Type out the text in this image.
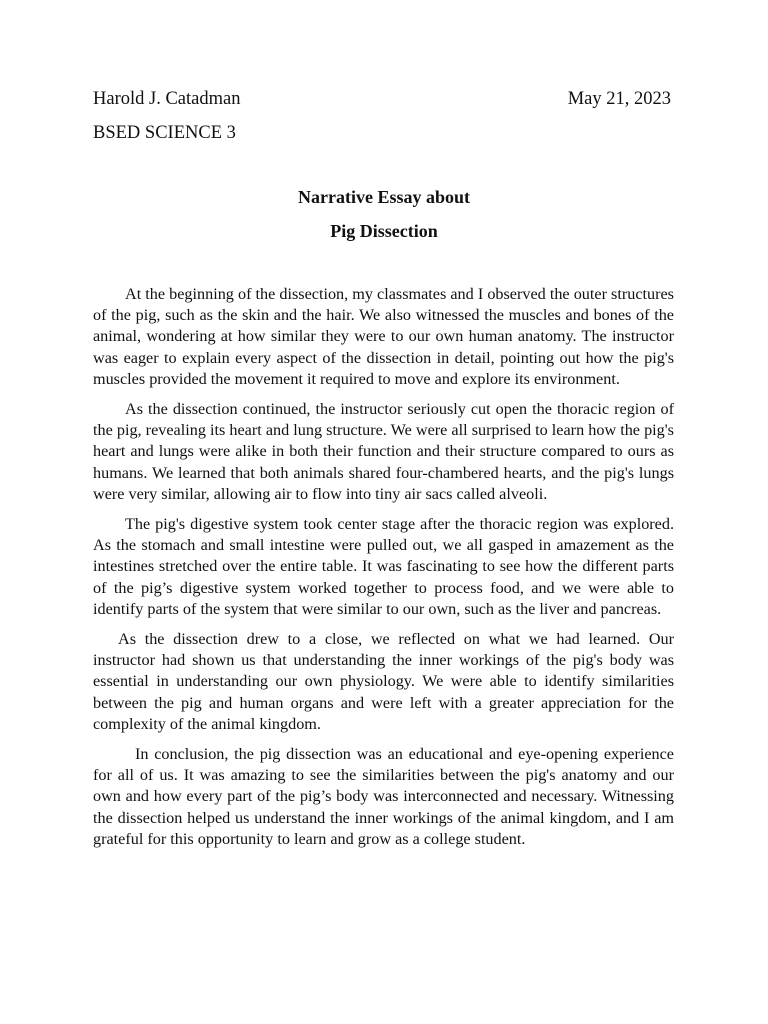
Harold J. Catadman	May 21, 2023
BSED SCIENCE 3
Narrative Essay about
Pig Dissection

At the beginning of the dissection, my classmates and I observed the outer structures of the pig, such as the skin and the hair. We also witnessed the muscles and bones of the animal, wondering at how similar they were to our own human anatomy. The instructor was eager to explain every aspect of the dissection in detail, pointing out how the pig's muscles provided the movement it required to move and explore its environment.

As the dissection continued, the instructor seriously cut open the thoracic region of the pig, revealing its heart and lung structure. We were all surprised to learn how the pig's heart and lungs were alike in both their function and their structure compared to ours as humans. We learned that both animals shared four-chambered hearts, and the pig's lungs were very similar, allowing air to flow into tiny air sacs called alveoli.

The pig's digestive system took center stage after the thoracic region was explored. As the stomach and small intestine were pulled out, we all gasped in amazement as the intestines stretched over the entire table. It was fascinating to see how the different parts of the pig’s digestive system worked together to process food, and we were able to identify parts of the system that were similar to our own, such as the liver and pancreas.

As the dissection drew to a close, we reflected on what we had learned. Our instructor had shown us that understanding the inner workings of the pig's body was essential in understanding our own physiology. We were able to identify similarities between the pig and human organs and were left with a greater appreciation for the complexity of the animal kingdom.

In conclusion, the pig dissection was an educational and eye-opening experience for all of us. It was amazing to see the similarities between the pig's anatomy and our own and how every part of the pig’s body was interconnected and necessary. Witnessing the dissection helped us understand the inner workings of the animal kingdom, and I am grateful for this opportunity to learn and grow as a college student.
